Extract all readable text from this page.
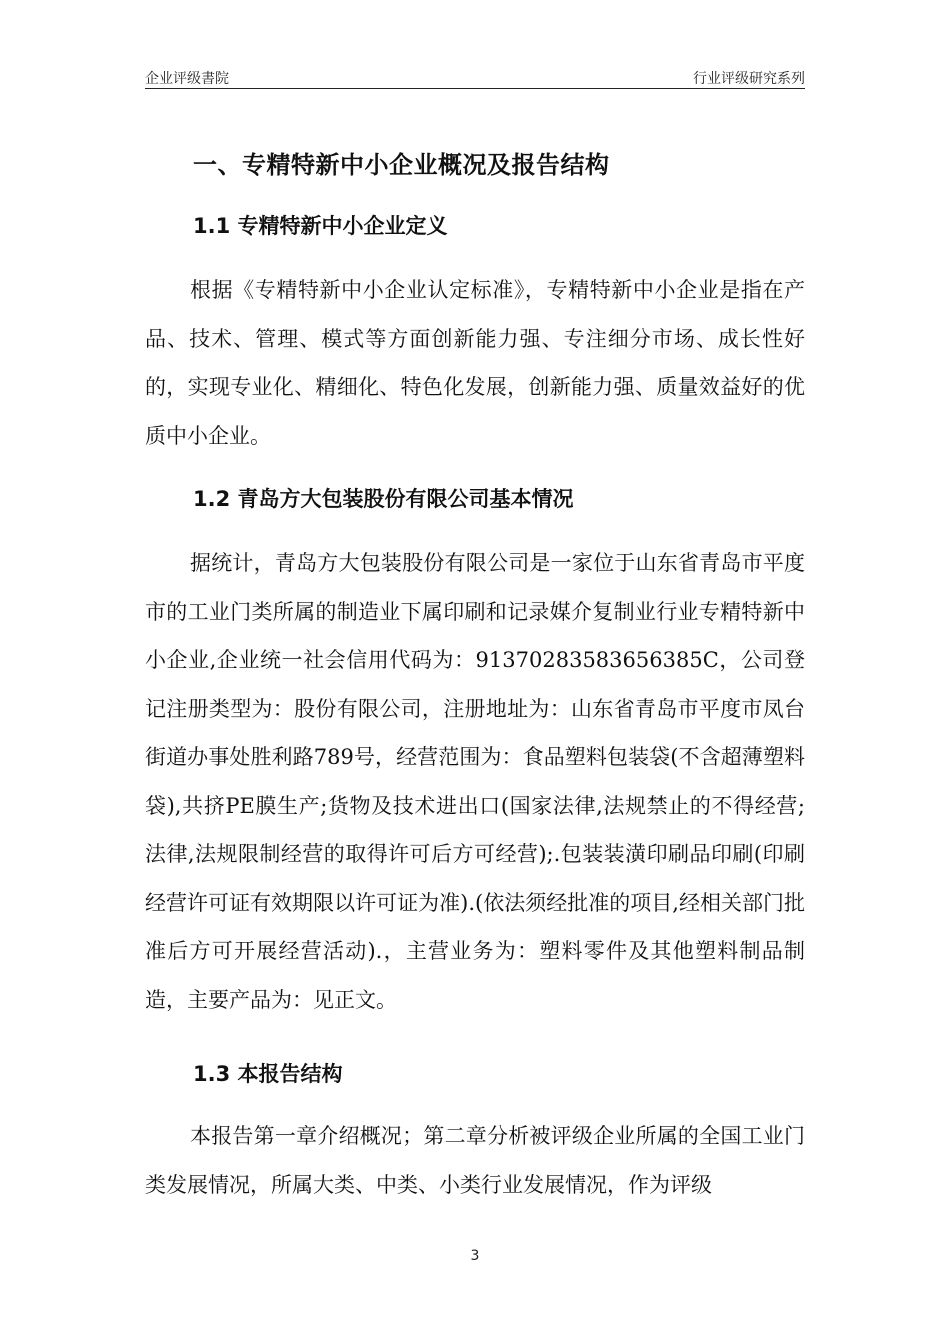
企业评级書院	行业评级研究系列
一、专精特新中小企业概况及报告结构
1.1 专精特新中小企业定义

根据《专精特新中小企业认定标准》，专精特新中小企业是指在产品、技术、管理、模式等方面创新能力强、专注细分市场、成长性好的，实现专业化、精细化、特色化发展，创新能力强、质量效益好的优质中小企业。

1.2 青岛方大包装股份有限公司基本情况

据统计，青岛方大包装股份有限公司是一家位于山东省青岛市平度市的工业门类所属的制造业下属印刷和记录媒介复制业行业专精特新中小企业,企业统一社会信用代码为：91370283583656385C，公司登记注册类型为：股份有限公司，注册地址为：山东省青岛市平度市凤台街道办事处胜利路789号，经营范围为：食品塑料包装袋(不含超薄塑料袋),共挤PE膜生产;货物及技术进出口(国家法律,法规禁止的不得经营;法律,法规限制经营的取得许可后方可经营);.包装装潢印刷品印刷(印刷经营许可证有效期限以许可证为准).(依法须经批准的项目,经相关部门批准后方可开展经营活动).，主营业务为：塑料零件及其他塑料制品制造，主要产品为：见正文。

1.3 本报告结构

本报告第一章介绍概况；第二章分析被评级企业所属的全国工业门类发展情况，所属大类、中类、小类行业发展情况，作为评级

3
